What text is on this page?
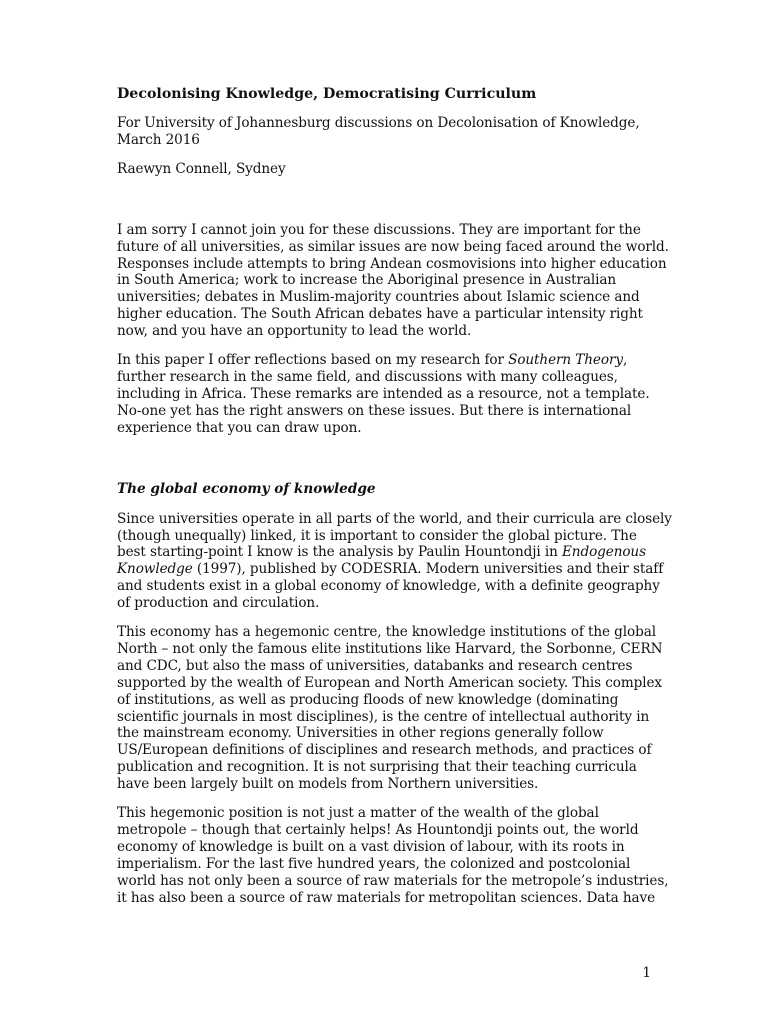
Decolonising Knowledge, Democratising Curriculum

For University of Johannesburg discussions on Decolonisation of Knowledge,
March 2016

Raewyn Connell, Sydney

I am sorry I cannot join you for these discussions. They are important for the
future of all universities, as similar issues are now being faced around the world.
Responses include attempts to bring Andean cosmovisions into higher education
in South America; work to increase the Aboriginal presence in Australian
universities; debates in Muslim-majority countries about Islamic science and
higher education. The South African debates have a particular intensity right
now, and you have an opportunity to lead the world.

In this paper I offer reflections based on my research for Southern Theory,
further research in the same field, and discussions with many colleagues,
including in Africa. These remarks are intended as a resource, not a template.
No-one yet has the right answers on these issues. But there is international
experience that you can draw upon.

The global economy of knowledge

Since universities operate in all parts of the world, and their curricula are closely
(though unequally) linked, it is important to consider the global picture. The
best starting-point I know is the analysis by Paulin Hountondji in Endogenous
Knowledge (1997), published by CODESRIA. Modern universities and their staff
and students exist in a global economy of knowledge, with a definite geography
of production and circulation.

This economy has a hegemonic centre, the knowledge institutions of the global
North – not only the famous elite institutions like Harvard, the Sorbonne, CERN
and CDC, but also the mass of universities, databanks and research centres
supported by the wealth of European and North American society. This complex
of institutions, as well as producing floods of new knowledge (dominating
scientific journals in most disciplines), is the centre of intellectual authority in
the mainstream economy. Universities in other regions generally follow
US/European definitions of disciplines and research methods, and practices of
publication and recognition. It is not surprising that their teaching curricula
have been largely built on models from Northern universities.

This hegemonic position is not just a matter of the wealth of the global
metropole – though that certainly helps! As Hountondji points out, the world
economy of knowledge is built on a vast division of labour, with its roots in
imperialism. For the last five hundred years, the colonized and postcolonial
world has not only been a source of raw materials for the metropole’s industries,
it has also been a source of raw materials for metropolitan sciences. Data have

1
